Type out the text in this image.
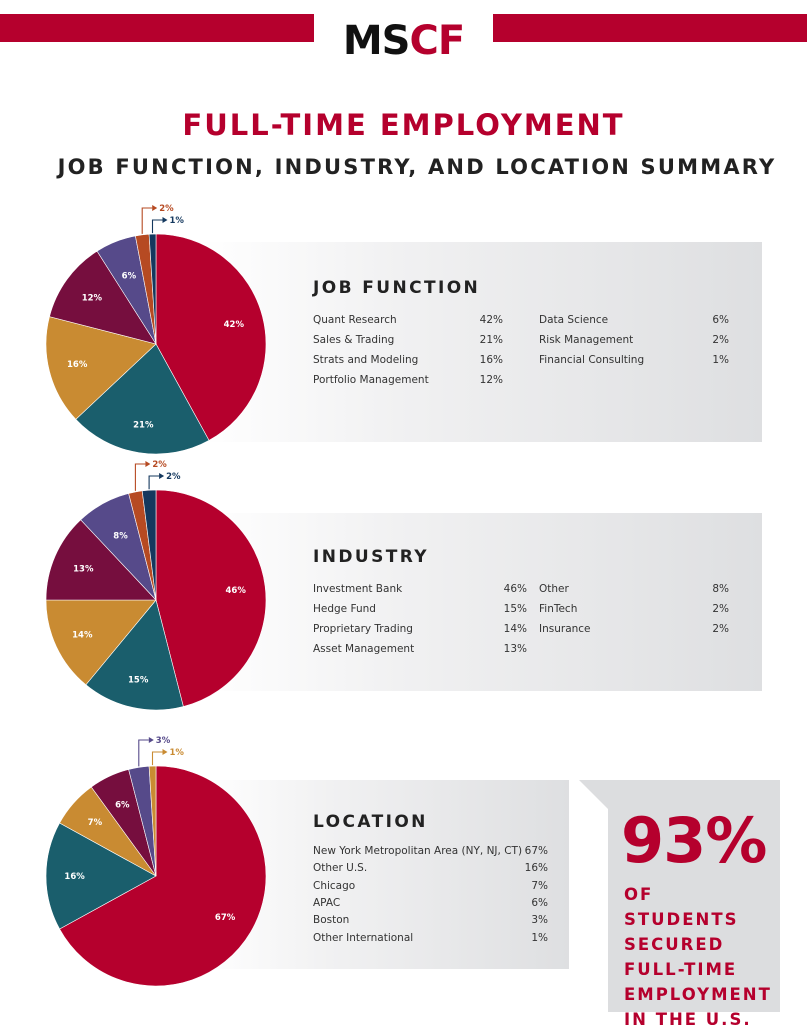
MS CF
FULL-TIME EMPLOYMENT
JOB FUNCTION, INDUSTRY, AND LOCATION SUMMARY
JOB FUNCTION
Quant Research	42%
Sales & Trading	21%
Strats and Modeling	16%
Portfolio Management	12%
Data Science	6%
Risk Management	2%
Financial Consulting	1%
INDUSTRY
Investment Bank	46%
Hedge Fund	15%
Proprietary Trading	14%
Asset Management	13%
Other	8%
FinTech	2%
Insurance	2%
LOCATION
New York Metropolitan Area (NY, NJ, CT) 67%
Other U.S.	16%
Chicago	7%
APAC	6%
Boston	3%
Other International	1%
93%
OF STUDENTS
SECURED
FULL-TIME
EMPLOYMENT
IN THE U.S.
42%
21%
16%
12%
6%
2%
1%
46%
15%
14%
13%
8%
2%
2%
67%
16%
7%
6%
3%
1%
